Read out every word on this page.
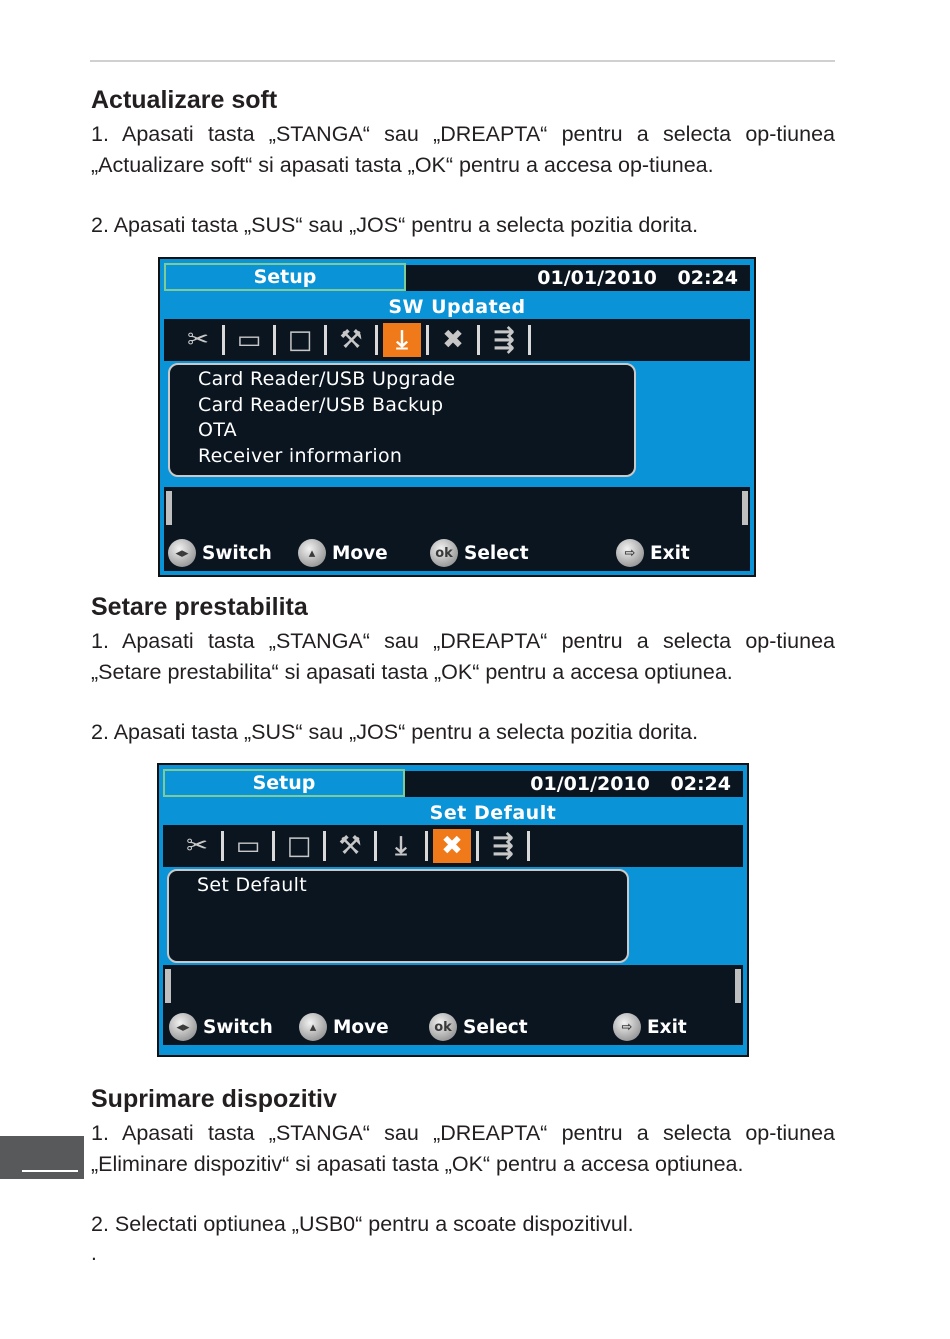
Actualizare soft

1. Apasati tasta „STANGA“ sau „DREAPTA“ pentru a selecta op-tiunea „Actualizare soft“ si apasati tasta „OK“ pentru a accesa op-tiunea.

2. Apasati tasta „SUS“ sau „JOS“ pentru a selecta pozitia dorita.

Setup	01/01/2010 02:24
SW Updated
✂	▭	□	⚒	⤓	✖	⇶
Card Reader/USB Upgrade
Card Reader/USB Backup
OTA
Receiver informarion
◂▸ Switch	▴ Move	ok Select	⇨ Exit
Setare prestabilita

1. Apasati tasta „STANGA“ sau „DREAPTA“ pentru a selecta op-tiunea „Setare prestabilita“ si apasati tasta „OK“ pentru a accesa optiunea.

2. Apasati tasta „SUS“ sau „JOS“ pentru a selecta pozitia dorita.

Setup	01/01/2010 02:24
Set Default
✂	▭	□	⚒	⤓	✖	⇶
Set Default
◂▸ Switch	▴ Move	ok Select	⇨ Exit
Suprimare dispozitiv

1. Apasati tasta „STANGA“ sau „DREAPTA“ pentru a selecta op-tiunea „Eliminare dispozitiv“ si apasati tasta „OK“ pentru a accesa optiunea.

2. Selectati optiunea „USB0“ pentru a scoate dispozitivul.

.
